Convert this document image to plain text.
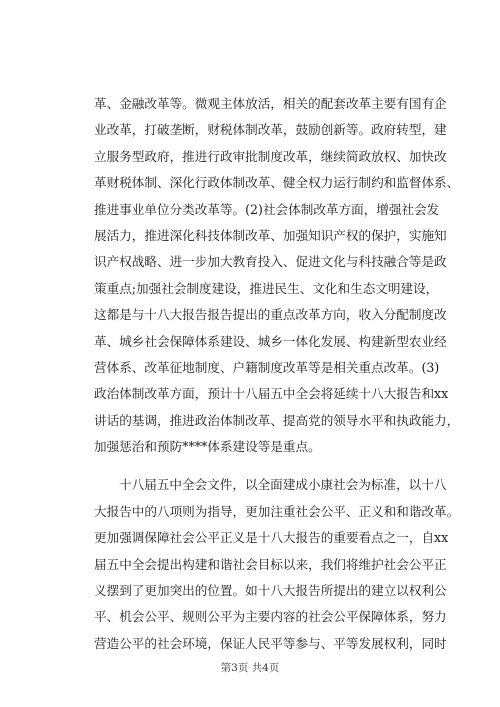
革、金融改革等。微观主体放活，相关的配套改革主要有国有企
业改革，打破垄断，财税体制改革，鼓励创新等。政府转型，建
立服务型政府，推进行政审批制度改革，继续简政放权、加快改
革财税体制、深化行政体制改革、健全权力运行制约和监督体系、
推进事业单位分类改革等。(2)社会体制改革方面，增强社会发
展活力，推进深化科技体制改革、加强知识产权的保护，实施知
识产权战略、进一步加大教育投入、促进文化与科技融合等是政
策重点;加强社会制度建设，推进民生、文化和生态文明建设，
这都是与十八大报告报告提出的重点改革方向，收入分配制度改
革、城乡社会保障体系建设、城乡一体化发展、构建新型农业经
营体系、改革征地制度、户籍制度改革等是相关重点改革。(3)
政治体制改革方面，预计十八届五中全会将延续十八大报告和xx
讲话的基调，推进政治体制改革、提高党的领导水平和执政能力，
加强惩治和预防****体系建设等是重点。
十八届五中全会文件，以全面建成小康社会为标准，以十八
大报告中的八项则为指导，更加注重社会公平、正义和和谐改革。
更加强调保障社会公平正义是十八大报告的重要看点之一，自xx
届五中全会提出构建和谐社会目标以来，我们将维护社会公平正
义摆到了更加突出的位置。如十八大报告所提出的建立以权利公
平、机会公平、规则公平为主要内容的社会公平保障体系，努力
营造公平的社会环境，保证人民平等参与、平等发展权利，同时
第3页 共4页
